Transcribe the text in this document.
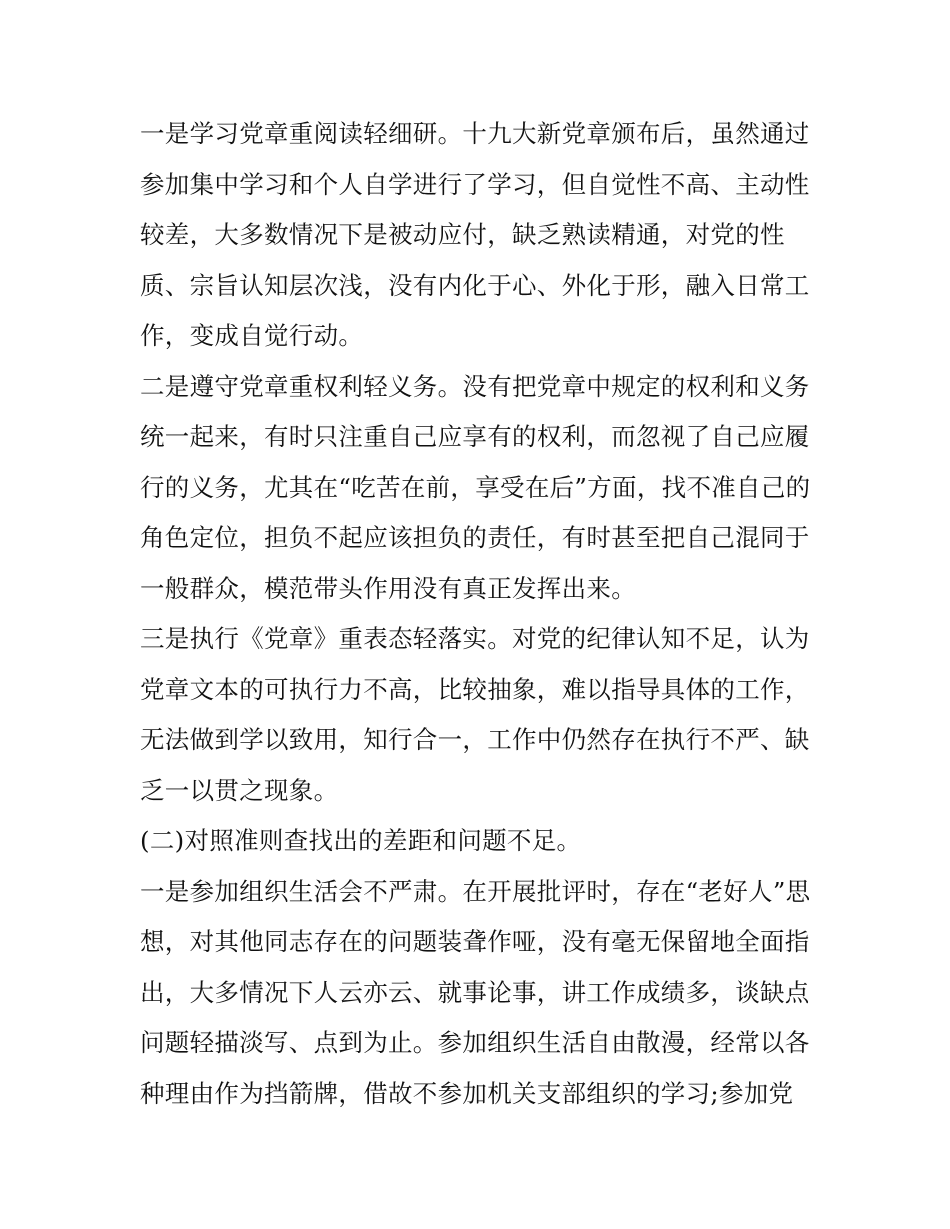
一是学习党章重阅读轻细研。十九大新党章颁布后，虽然通过
参加集中学习和个人自学进行了学习，但自觉性不高、主动性
较差，大多数情况下是被动应付，缺乏熟读精通，对党的性
质、宗旨认知层次浅，没有内化于心、外化于形，融入日常工
作，变成自觉行动。
二是遵守党章重权利轻义务。没有把党章中规定的权利和义务
统一起来，有时只注重自己应享有的权利，而忽视了自己应履
行的义务，尤其在“吃苦在前，享受在后”方面，找不准自己的
角色定位，担负不起应该担负的责任，有时甚至把自己混同于
一般群众，模范带头作用没有真正发挥出来。
三是执行《党章》重表态轻落实。对党的纪律认知不足，认为
党章文本的可执行力不高，比较抽象，难以指导具体的工作，
无法做到学以致用，知行合一，工作中仍然存在执行不严、缺
乏一以贯之现象。
(二)对照准则查找出的差距和问题不足。
一是参加组织生活会不严肃。在开展批评时，存在“老好人”思
想，对其他同志存在的问题装聋作哑，没有毫无保留地全面指
出，大多情况下人云亦云、就事论事，讲工作成绩多，谈缺点
问题轻描淡写、点到为止。参加组织生活自由散漫，经常以各
种理由作为挡箭牌，借故不参加机关支部组织的学习;参加党
